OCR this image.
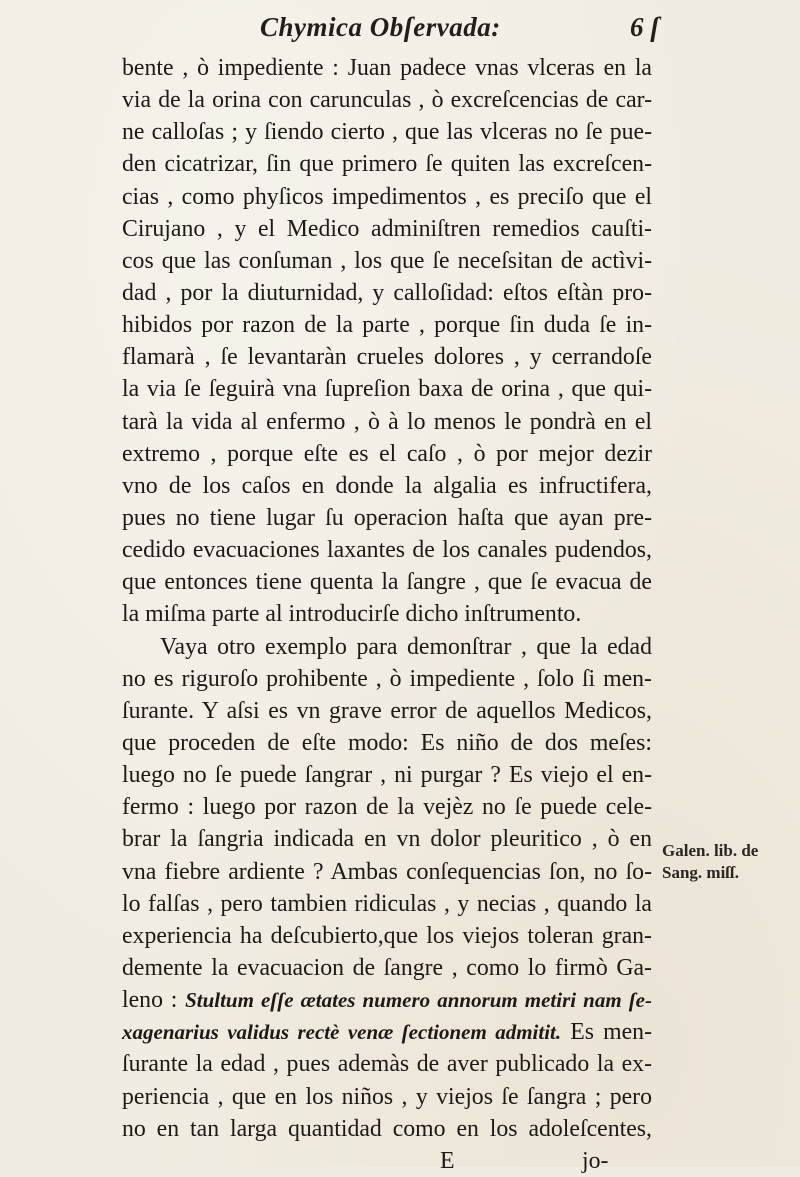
Chymica Obſervada:	6 ſ
bente , ò impediente : Juan padece vnas vlceras en la
via de la orina con carunculas , ò excreſcencias de car-
ne calloſas ; y ſiendo cierto , que las vlceras no ſe pue-
den cicatrizar, ſin que primero ſe quiten las excreſcen-
cias , como phyſicos impedimentos , es preciſo que el
Cirujano , y el Medico adminiſtren remedios cauſti-
cos que las conſuman , los que ſe neceſsitan de actìvi-
dad , por la diuturnidad, y calloſidad: eſtos eſtàn pro-
hibidos por razon de la parte , porque ſin duda ſe in-
flamarà , ſe levantaràn crueles dolores , y cerrandoſe
la via ſe ſeguirà vna ſupreſion baxa de orina , que qui-
tarà la vida al enfermo , ò à lo menos le pondrà en el
extremo , porque eſte es el caſo , ò por mejor dezir
vno de los caſos en donde la algalia es infructifera,
pues no tiene lugar ſu operacion haſta que ayan pre-
cedido evacuaciones laxantes de los canales pudendos,
que entonces tiene quenta la ſangre , que ſe evacua de
la miſma parte al introducirſe dicho inſtrumento.
Vaya otro exemplo para demonſtrar , que la edad
no es riguroſo prohibente , ò impediente , ſolo ſi men-
ſurante. Y aſsi es vn grave error de aquellos Medicos,
que proceden de eſte modo: Es niño de dos meſes:
luego no ſe puede ſangrar , ni purgar ? Es viejo el en-
fermo : luego por razon de la vejèz no ſe puede cele-
brar la ſangria indicada en vn dolor pleuritico , ò en
vna fiebre ardiente ? Ambas conſequencias ſon, no ſo-
lo falſas , pero tambien ridiculas , y necias , quando la
experiencia ha deſcubierto,que los viejos toleran gran-
demente la evacuacion de ſangre , como lo firmò Ga-
leno : Stultum eſſe ætates numero annorum metiri nam ſe-
xagenarius validus rectè venæ ſectionem admitit. Es men-
ſurante la edad , pues ademàs de aver publicado la ex-
periencia , que en los niños , y viejos ſe ſangra ; pero
no en tan larga quantidad como en los adoleſcentes,
E	jo-
Galen. lib. de
Sang. miſſ.
